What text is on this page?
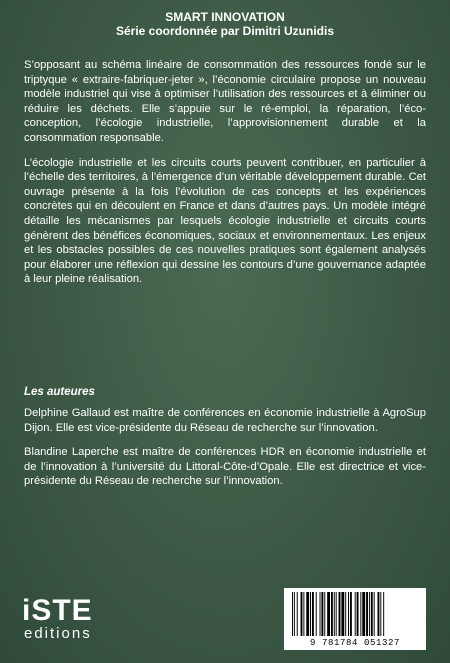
SMART INNOVATION
Série coordonnée par Dimitri Uzunidis

S’opposant au schéma linéaire de consommation des ressources fondé sur le triptyque « extraire-fabriquer-jeter », l’économie circulaire propose un nouveau modèle industriel qui vise à optimiser l’utilisation des ressources et à éliminer ou réduire les déchets. Elle s’appuie sur le ré-emploi, la réparation, l’éco-conception, l’écologie industrielle, l’approvisionnement durable et la consommation responsable.

L’écologie industrielle et les circuits courts peuvent contribuer, en particulier à l’échelle des territoires, à l’émergence d’un véritable développement durable. Cet ouvrage présente à la fois l’évolution de ces concepts et les expériences concrètes qui en découlent en France et dans d’autres pays. Un modèle intégré détaille les mécanismes par lesquels écologie industrielle et circuits courts génèrent des bénéfices économiques, sociaux et environnementaux. Les enjeux et les obstacles possibles de ces nouvelles pratiques sont également analysés pour élaborer une réflexion qui dessine les contours d’une gouvernance adaptée à leur pleine réalisation.

Les auteures

Delphine Gallaud est maître de conférences en économie industrielle à AgroSup Dijon. Elle est vice-présidente du Réseau de recherche sur l’innovation.

Blandine Laperche est maître de conférences HDR en économie industrielle et de l’innovation à l’université du Littoral-Côte-d’Opale. Elle est directrice et vice-présidente du Réseau de recherche sur l’innovation.

iSTE
editions
9 781784 051327
